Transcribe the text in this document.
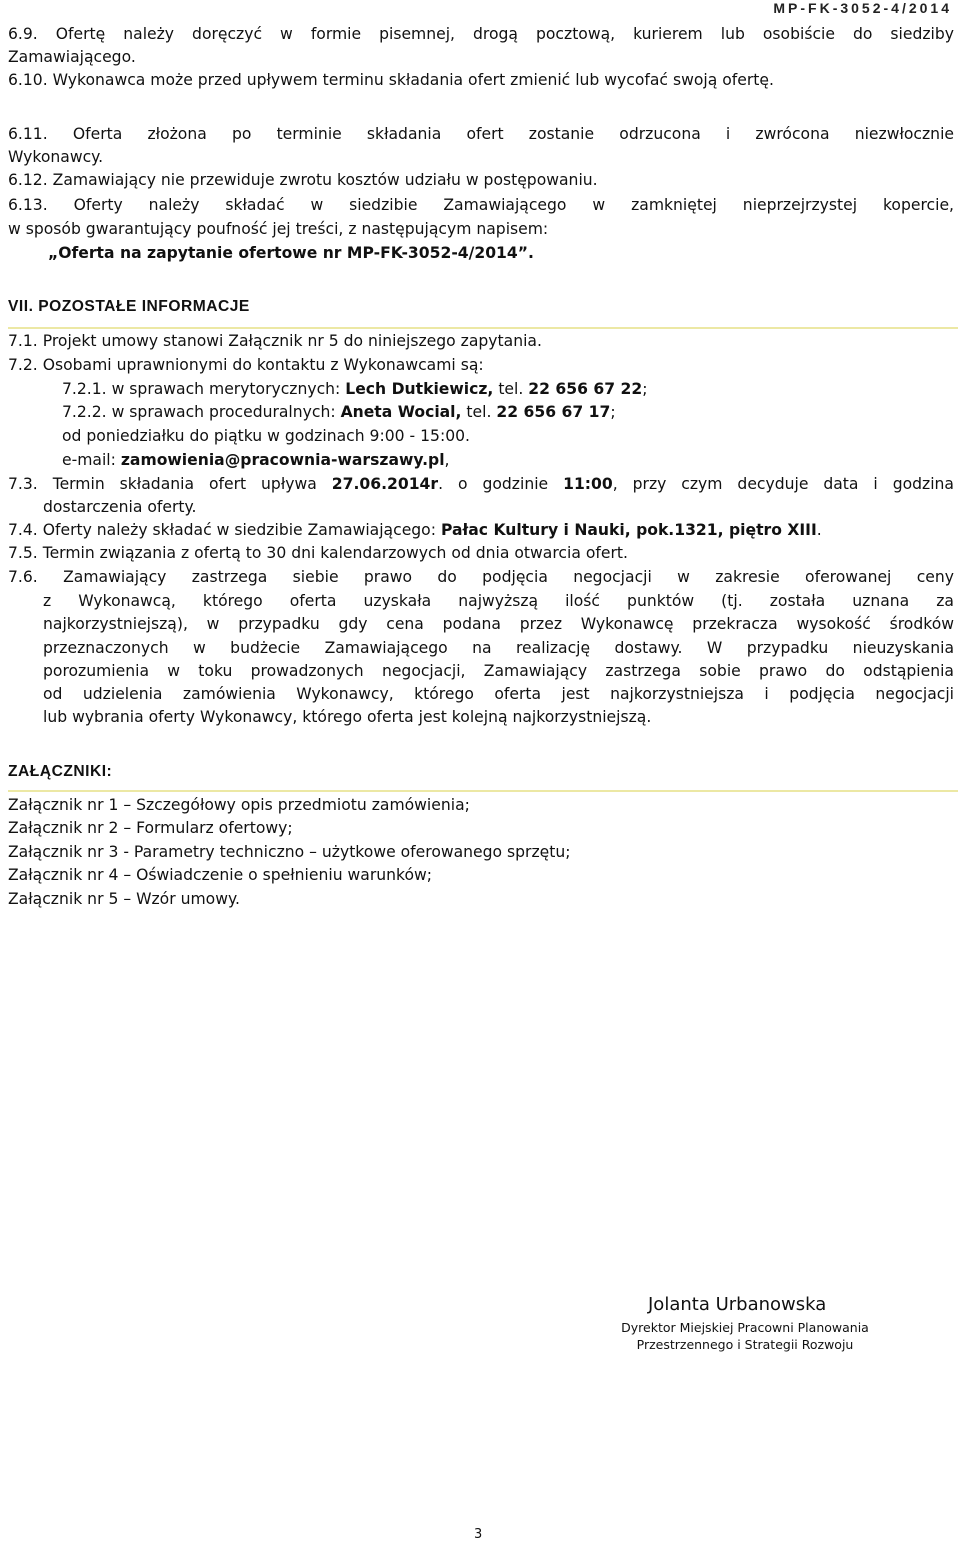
MP-FK-3052-4/2014
6.9. Ofertę należy doręczyć w formie pisemnej, drogą pocztową, kurierem lub osobiście do siedziby
Zamawiającego.
6.10. Wykonawca może przed upływem terminu składania ofert zmienić lub wycofać swoją ofertę.
6.11. Oferta złożona po terminie składania ofert zostanie odrzucona i zwrócona niezwłocznie
Wykonawcy.
6.12. Zamawiający nie przewiduje zwrotu kosztów udziału w postępowaniu.
6.13. Oferty należy składać w siedzibie Zamawiającego w zamkniętej nieprzejrzystej kopercie,
w sposób gwarantujący poufność jej treści, z następującym napisem:
„Oferta na zapytanie ofertowe nr MP-FK-3052-4/2014”.
VII. POZOSTAŁE INFORMACJE
7.1. Projekt umowy stanowi Załącznik nr 5 do niniejszego zapytania.
7.2. Osobami uprawnionymi do kontaktu z Wykonawcami są:
7.2.1. w sprawach merytorycznych: Lech Dutkiewicz, tel. 22 656 67 22;
7.2.2. w sprawach proceduralnych: Aneta Wocial, tel. 22 656 67 17;
od poniedziałku do piątku w godzinach 9:00 - 15:00.
e-mail: zamowienia@pracownia-warszawy.pl,
7.3. Termin składania ofert upływa 27.06.2014r. o godzinie 11:00, przy czym decyduje data i godzina
dostarczenia oferty.
7.4. Oferty należy składać w siedzibie Zamawiającego: Pałac Kultury i Nauki, pok.1321, piętro XIII.
7.5. Termin związania z ofertą to 30 dni kalendarzowych od dnia otwarcia ofert.
7.6. Zamawiający zastrzega siebie prawo do podjęcia negocjacji w zakresie oferowanej ceny
z Wykonawcą, którego oferta uzyskała najwyższą ilość punktów (tj. została uznana za
najkorzystniejszą), w przypadku gdy cena podana przez Wykonawcę przekracza wysokość środków
przeznaczonych w budżecie Zamawiającego na realizację dostawy. W przypadku nieuzyskania
porozumienia w toku prowadzonych negocjacji, Zamawiający zastrzega sobie prawo do odstąpienia
od udzielenia zamówienia Wykonawcy, którego oferta jest najkorzystniejsza i podjęcia negocjacji
lub wybrania oferty Wykonawcy, którego oferta jest kolejną najkorzystniejszą.
ZAŁĄCZNIKI:
Załącznik nr 1 – Szczegółowy opis przedmiotu zamówienia;
Załącznik nr 2 – Formularz ofertowy;
Załącznik nr 3 - Parametry techniczno – użytkowe oferowanego sprzętu;
Załącznik nr 4 – Oświadczenie o spełnieniu warunków;
Załącznik nr 5 – Wzór umowy.
Jolanta Urbanowska
Dyrektor Miejskiej Pracowni Planowania
Przestrzennego i Strategii Rozwoju
3
